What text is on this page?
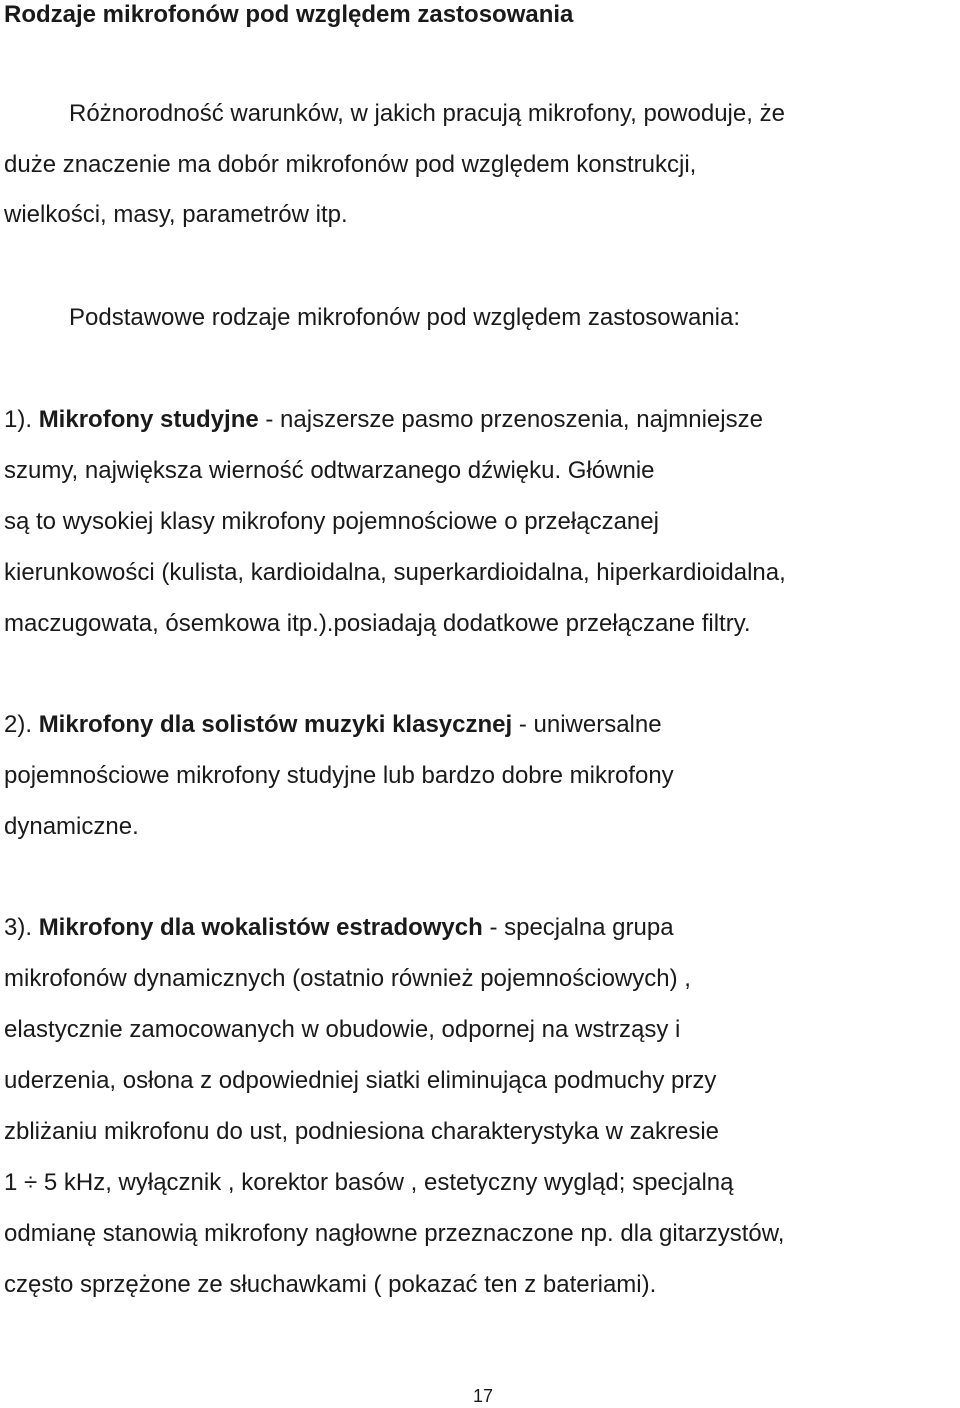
Rodzaje mikrofonów pod względem zastosowania

Różnorodność warunków, w jakich pracują mikrofony, powoduje, że

duże znaczenie ma dobór mikrofonów pod względem konstrukcji,

wielkości, masy, parametrów itp.

Podstawowe rodzaje mikrofonów pod względem zastosowania:

1). Mikrofony studyjne - najszersze pasmo przenoszenia, najmniejsze

szumy, największa wierność odtwarzanego dźwięku. Głównie

są to wysokiej klasy mikrofony pojemnościowe o przełączanej

kierunkowości (kulista, kardioidalna, superkardioidalna, hiperkardioidalna,

maczugowata, ósemkowa itp.).posiadają dodatkowe przełączane filtry.

2). Mikrofony dla solistów muzyki klasycznej - uniwersalne

pojemnościowe mikrofony studyjne lub bardzo dobre mikrofony

dynamiczne.

3). Mikrofony dla wokalistów estradowych - specjalna grupa

mikrofonów dynamicznych (ostatnio również pojemnościowych) ,

elastycznie zamocowanych w obudowie, odpornej na wstrząsy i

uderzenia, osłona z odpowiedniej siatki eliminująca podmuchy przy

zbliżaniu mikrofonu do ust, podniesiona charakterystyka w zakresie

1 ÷ 5 kHz, wyłącznik , korektor basów , estetyczny wygląd; specjalną

odmianę stanowią mikrofony nagłowne przeznaczone np. dla gitarzystów,

często sprzężone ze słuchawkami ( pokazać ten z bateriami).

17
